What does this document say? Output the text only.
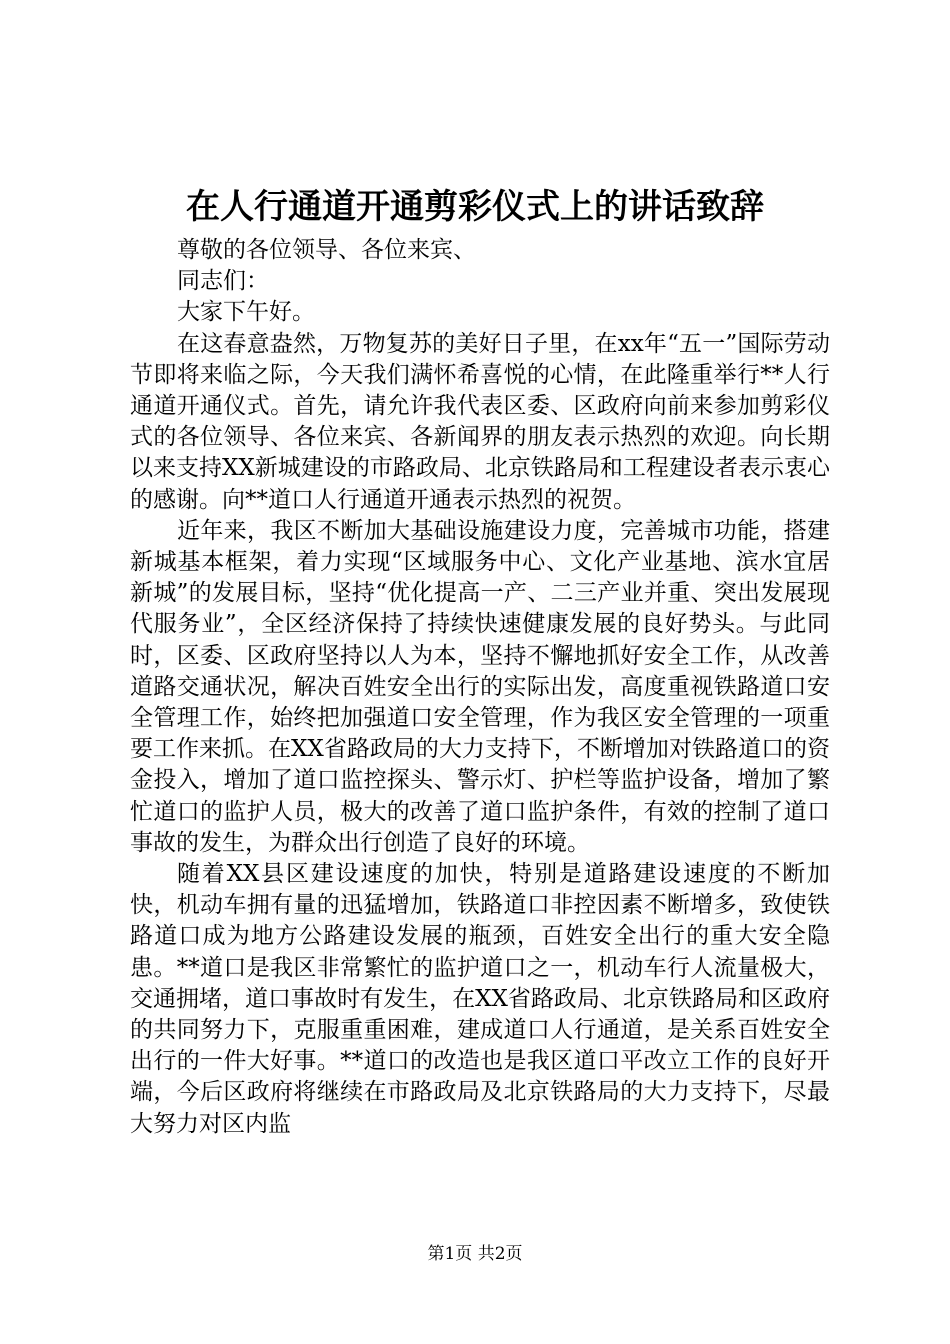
在人行通道开通剪彩仪式上的讲话致辞

尊敬的各位领导、各位来宾、

同志们：

大家下午好。

在这春意盎然，万物复苏的美好日子里，在xx年“五一”国际劳动节即将来临之际，今天我们满怀希喜悦的心情，在此隆重举行**人行通道开通仪式。首先，请允许我代表区委、区政府向前来参加剪彩仪式的各位领导、各位来宾、各新闻界的朋友表示热烈的欢迎。向长期以来支持XX新城建设的市路政局、北京铁路局和工程建设者表示衷心的感谢。向**道口人行通道开通表示热烈的祝贺。

近年来，我区不断加大基础设施建设力度，完善城市功能，搭建新城基本框架，着力实现“区域服务中心、文化产业基地、滨水宜居新城”的发展目标，坚持“优化提高一产、二三产业并重、突出发展现代服务业”，全区经济保持了持续快速健康发展的良好势头。与此同时，区委、区政府坚持以人为本，坚持不懈地抓好安全工作，从改善道路交通状况，解决百姓安全出行的实际出发，高度重视铁路道口安全管理工作，始终把加强道口安全管理，作为我区安全管理的一项重要工作来抓。在XX省路政局的大力支持下，不断增加对铁路道口的资金投入，增加了道口监控探头、警示灯、护栏等监护设备，增加了繁忙道口的监护人员，极大的改善了道口监护条件，有效的控制了道口事故的发生，为群众出行创造了良好的环境。

随着XX县区建设速度的加快，特别是道路建设速度的不断加快，机动车拥有量的迅猛增加，铁路道口非控因素不断增多，致使铁路道口成为地方公路建设发展的瓶颈，百姓安全出行的重大安全隐患。**道口是我区非常繁忙的监护道口之一，机动车行人流量极大，交通拥堵，道口事故时有发生，在XX省路政局、北京铁路局和区政府的共同努力下，克服重重困难，建成道口人行通道，是关系百姓安全出行的一件大好事。**道口的改造也是我区道口平改立工作的良好开端，今后区政府将继续在市路政局及北京铁路局的大力支持下，尽最大努力对区内监

第1页 共2页
